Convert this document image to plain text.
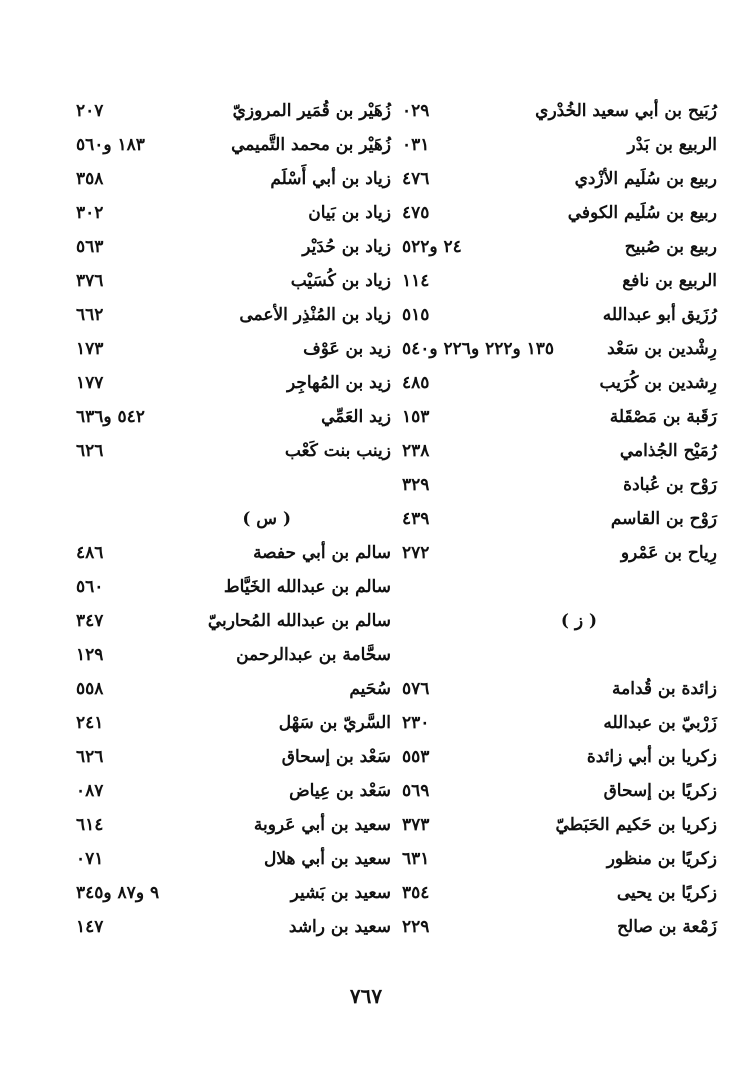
رُبَيح بن أبي سعيد الخُدْري
٠٢٩
الربيع بن بَدْر
٠٣١
ربيع بن سُلَيم الأزْدي
٤٧٦
ربيع بن سُلَيم الكوفي
٤٧٥
ربيع بن صُبيح
٢٤ و٥٢٢
الربيع بن نافع
١١٤
رُزَيق أبو عبدالله
٥١٥
رِشْدين بن سَعْد
١٣٥ و٢٢٢ و٢٢٦ و٥٤٠
رِشدين بن كُرَيب
٤٨٥
رَقَبة بن مَصْقَلة
١٥٣
رُمَيْح الجُذامي
٢٣٨
رَوْح بن عُبادة
٣٢٩
رَوْح بن القاسم
٤٣٩
رِياح بن عَمْرو
٢٧٢
( ز )
زائدة بن قُدامة
٥٧٦
زَرْبيّ بن عبدالله
٢٣٠
زكريا بن أبي زائدة
٥٥٣
زكريًا بن إسحاق
٥٦٩
زكريا بن حَكيم الحَبَطيّ
٣٧٣
زكريًا بن منظور
٦٣١
زكريًا بن يحيى
٣٥٤
زَمْعة بن صالح
٢٢٩
زُهَيْر بن قُمَير المروزيّ
٢٠٧
زُهَيْر بن محمد التَّميمي
١٨٣ و٥٦٠
زياد بن أبي أَسْلَم
٣٥٨
زياد بن بَيان
٣٠٢
زياد بن حُدَيْر
٥٦٣
زياد بن كُسَيْب
٣٧٦
زياد بن المُنْذِر الأعمى
٦٦٢
زيد بن عَوْف
١٧٣
زيد بن المُهاجِر
١٧٧
زيد العَمِّي
٥٤٢ و٦٣٦
زينب بنت كَعْب
٦٢٦
( س )
سالم بن أبي حفصة
٤٨٦
سالم بن عبدالله الخَيَّاط
٥٦٠
سالم بن عبدالله المُحاربيّ
٣٤٧
سحَّامة بن عبدالرحمن
١٢٩
سُحَيم
٥٥٨
السَّريّ بن سَهْل
٢٤١
سَعْد بن إسحاق
٦٢٦
سَعْد بن عِياض
٠٨٧
سعيد بن أبي عَروبة
٦١٤
سعيد بن أبي هلال
٠٧١
سعيد بن بَشير
٩ و٨٧ و٣٤٥
سعيد بن راشد
١٤٧
٧٦٧
